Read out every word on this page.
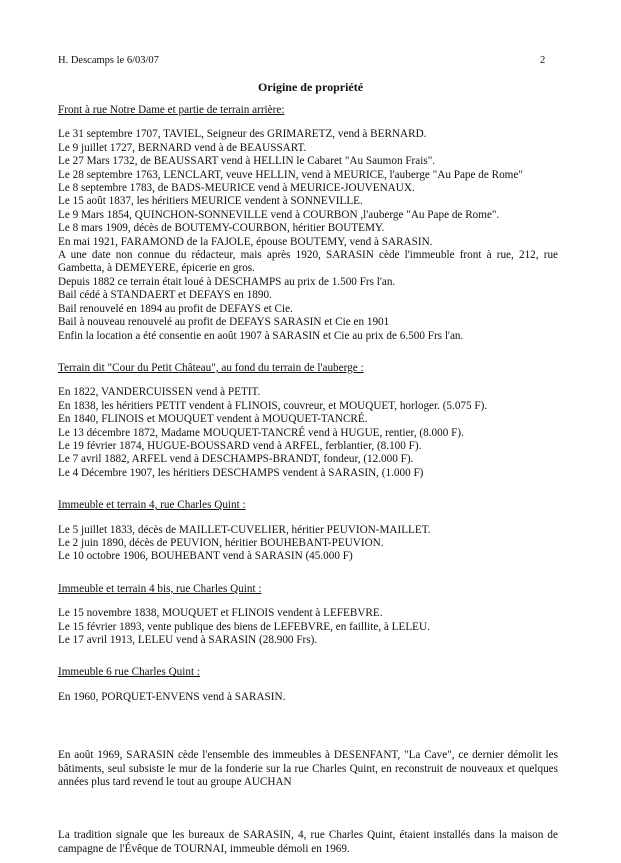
H. Descamps le 6/03/07	2
Origine de propriété

Front à rue Notre Dame et partie de terrain arrière:

Le 31 septembre 1707, TAVIEL, Seigneur des GRIMARETZ, vend à BERNARD.

Le 9 juillet 1727, BERNARD vend à de BEAUSSART.

Le 27 Mars 1732, de BEAUSSART vend à HELLIN le Cabaret "Au Saumon Frais".

Le 28 septembre 1763, LENCLART, veuve HELLIN, vend à MEURICE, l'auberge "Au Pape de Rome"

Le 8 septembre 1783, de BADS-MEURICE vend à MEURICE-JOUVENAUX.

Le 15 août 1837, les héritiers MEURICE vendent à SONNEVILLE.

Le 9 Mars 1854, QUINCHON-SONNEVILLE vend à COURBON ,l'auberge "Au Pape de Rome".

Le 8 mars 1909, décès de BOUTEMY-COURBON, héritier BOUTEMY.

En mai 1921, FARAMOND de la FAJOLE, épouse BOUTEMY, vend à SARASIN.

A une date non connue du rédacteur, mais après 1920, SARASIN cède l'immeuble front à rue, 212, rue Gambetta, à DEMEYERE, épicerie en gros.

Depuis 1882 ce terrain était loué à DESCHAMPS au prix de 1.500 Frs l'an.

Bail cédé à STANDAERT et DEFAYS en 1890.

Bail renouvelé en 1894 au profit de DEFAYS et Cie.

Bail à nouveau renouvelé au profit de DEFAYS SARASIN et Cie en 1901

Enfin la location a été consentie en août 1907 à SARASIN et Cie au prix de 6.500 Frs l'an.

Terrain dit "Cour du Petit Château", au fond du terrain de l'auberge :

En 1822, VANDERCUISSEN vend à PETIT.

En 1838, les héritiers PETIT vendent à FLINOIS, couvreur, et MOUQUET, horloger. (5.075 F).

En 1840, FLINOIS et MOUQUET vendent à MOUQUET-TANCRÉ.

Le 13 décembre 1872, Madame MOUQUET-TANCRÉ vend à HUGUE, rentier, (8.000 F).

Le 19 février 1874, HUGUE-BOUSSARD vend à ARFEL, ferblantier, (8.100 F).

Le 7 avril 1882, ARFEL vend à DESCHAMPS-BRANDT, fondeur, (12.000 F).

Le 4 Décembre 1907, les héritiers DESCHAMPS vendent à SARASIN, (1.000 F)

Immeuble et terrain 4, rue Charles Quint :

Le 5 juillet 1833, décès de MAILLET-CUVELIER, héritier PEUVION-MAILLET.

Le 2 juin 1890, décès de PEUVION, héritier BOUHEBANT-PEUVION.

Le 10 octobre 1906, BOUHEBANT vend à SARASIN (45.000 F)

Immeuble et terrain 4 bis, rue Charles Quint :

Le 15 novembre 1838, MOUQUET et FLINOIS vendent à LEFEBVRE.

Le 15 février 1893, vente publique des biens de LEFEBVRE, en faillite, à LELEU.

Le 17 avril 1913, LELEU vend à SARASIN (28.900 Frs).

Immeuble 6 rue Charles Quint :

En 1960, PORQUET-ENVENS vend à SARASIN.

En août 1969, SARASIN cède l'ensemble des immeubles à DESENFANT, "La Cave", ce dernier démolit les bâtiments, seul subsiste le mur de la fonderie sur la rue Charles Quint, en reconstruit de nouveaux et quelques années plus tard revend le tout au groupe AUCHAN

La tradition signale que les bureaux de SARASIN, 4, rue Charles Quint, étaient installés dans la maison de campagne de l'Évêque de TOURNAI, immeuble démoli en 1969.
